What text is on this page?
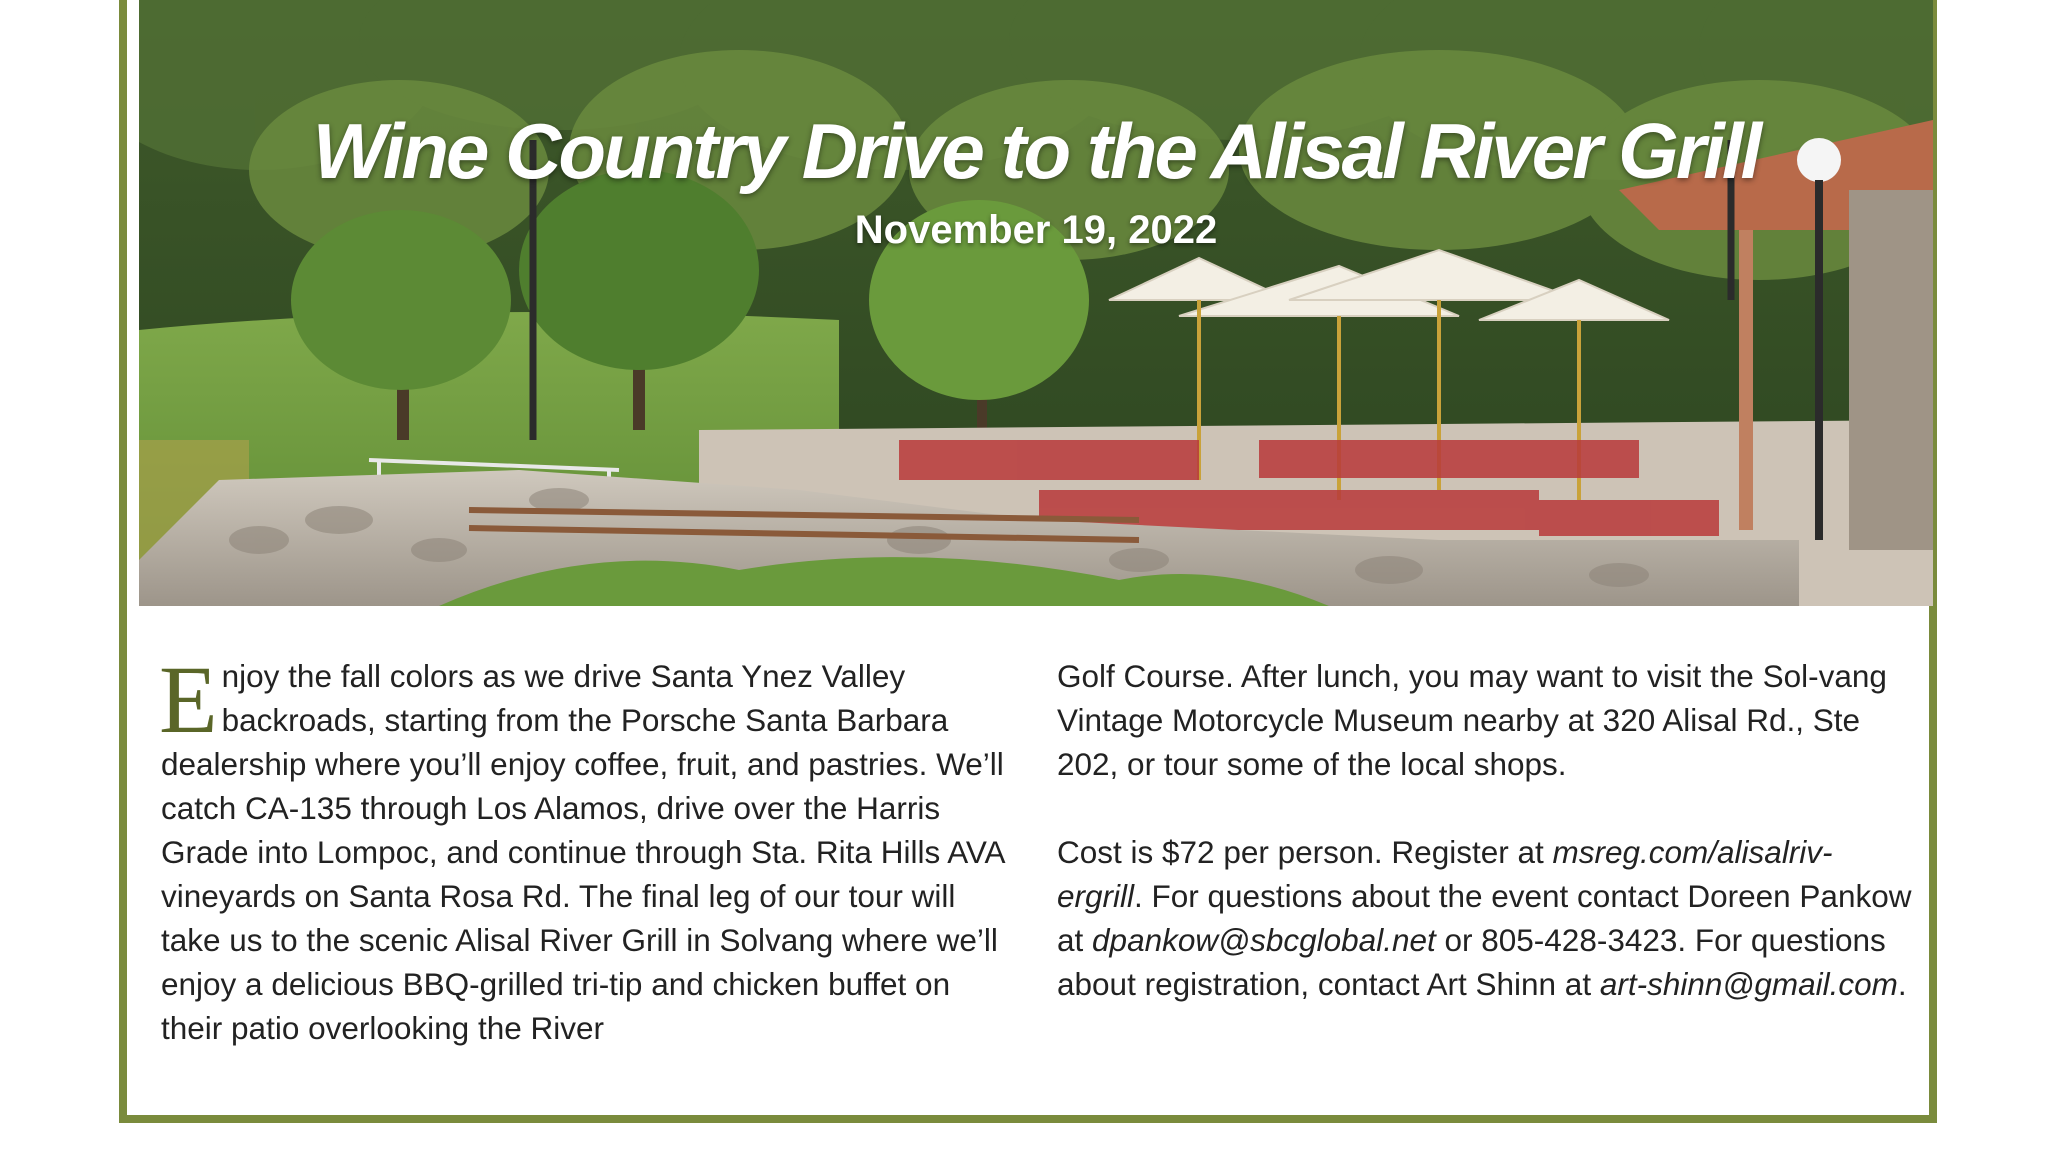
Wine Country Drive to the Alisal River Grill
November 19, 2022
Enjoy the fall colors as we drive Santa Ynez Valley backroads, starting from the Porsche Santa Barbara dealership where you’ll enjoy coffee, fruit, and pastries. We’ll catch CA-135 through Los Alamos, drive over the Harris Grade into Lompoc, and continue through Sta. Rita Hills AVA vineyards on Santa Rosa Rd. The final leg of our tour will take us to the scenic Alisal River Grill in Solvang where we’ll enjoy a delicious BBQ-grilled tri-tip and chicken buffet on their patio overlooking the River

Golf Course. After lunch, you may want to visit the Sol-vang Vintage Motorcycle Museum nearby at 320 Alisal Rd., Ste 202, or tour some of the local shops.

Cost is $72 per person. Register at msreg.com/alisalriv-ergrill. For questions about the event contact Doreen Pankow at dpankow@sbcglobal.net or 805-428-3423. For questions about registration, contact Art Shinn at art-shinn@gmail.com.
